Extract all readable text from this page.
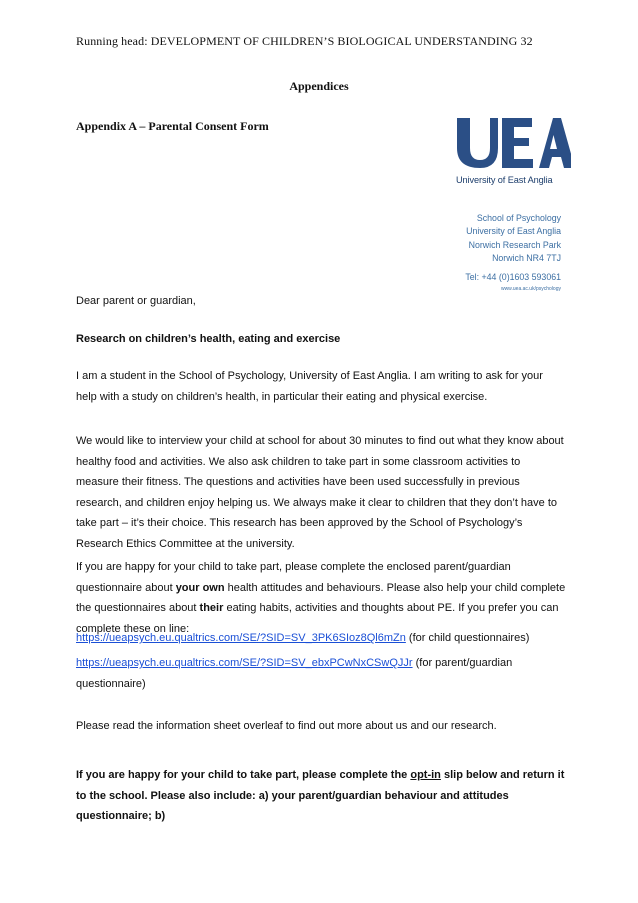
Running head: DEVELOPMENT OF CHILDREN’S BIOLOGICAL UNDERSTANDING 32
Appendices
Appendix A – Parental Consent Form
University of East Anglia
School of Psychology
University of East Anglia
Norwich Research Park
Norwich NR4 7TJ
Tel: +44 (0)1603 593061
www.uea.ac.uk/psychology
Dear parent or guardian,
Research on children’s health, eating and exercise
I am a student in the School of Psychology, University of East Anglia. I am writing to ask for your help with a study on children’s health, in particular their eating and physical exercise.
We would like to interview your child at school for about 30 minutes to find out what they know about healthy food and activities. We also ask children to take part in some classroom activities to measure their fitness. The questions and activities have been used successfully in previous research, and children enjoy helping us. We always make it clear to children that they don’t have to take part – it’s their choice. This research has been approved by the School of Psychology’s Research Ethics Committee at the university.
If you are happy for your child to take part, please complete the enclosed parent/guardian questionnaire about your own health attitudes and behaviours. Please also help your child complete the questionnaires about their eating habits, activities and thoughts about PE. If you prefer you can complete these on line:
https://ueapsych.eu.qualtrics.com/SE/?SID=SV_3PK6SIoz8Ql6mZn (for child questionnaires)
https://ueapsych.eu.qualtrics.com/SE/?SID=SV_ebxPCwNxCSwQJJr (for parent/guardian questionnaire)
Please read the information sheet overleaf to find out more about us and our research.
If you are happy for your child to take part, please complete the opt-in slip below and return it to the school. Please also include: a) your parent/guardian behaviour and attitudes questionnaire; b)
